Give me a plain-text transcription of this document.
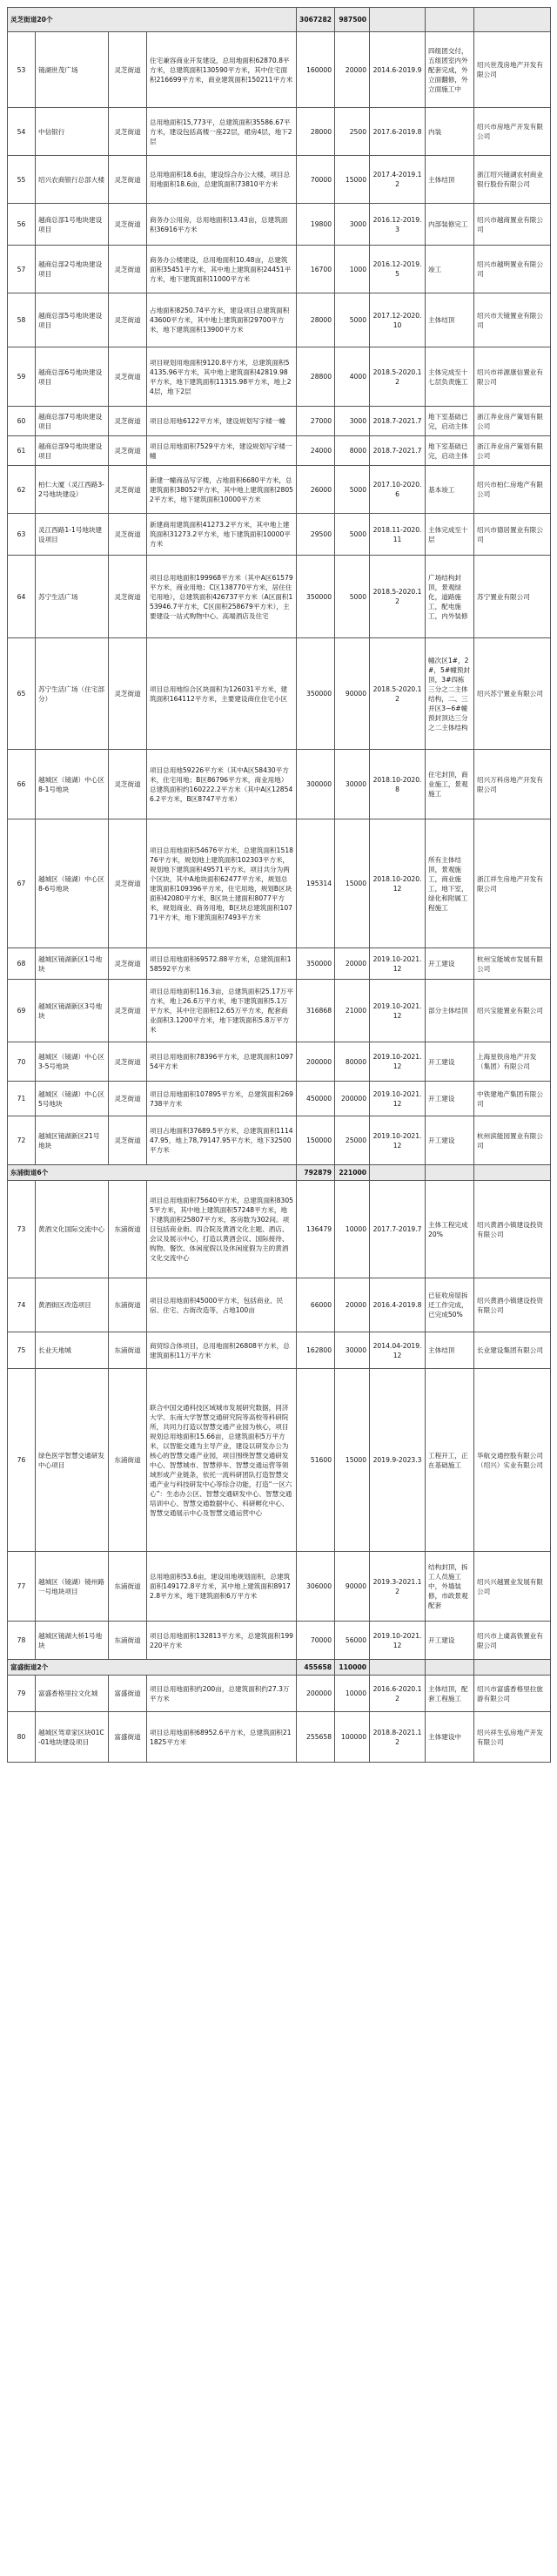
灵芝街道20个				3067282	987500			
53	镜湖世茂广场	灵芝街道	住宅兼容商业开发建设，总用地面积62870.8平方米，总建筑面积130590平方米，其中住宅面积216699平方米，商业建筑面积150211平方米	160000	20000	2014.6-2019.9	四组团交付，五组团室内外配套完成，外立面翻修，外立面施工中	绍兴世茂房地产开发有限公司
54	中信银行	灵芝街道	总用地面积15,773平，总建筑面积35586.67平方米，建设包括高楼一座22层，裙房4层，地下2层	28000	2500	2017.6-2019.8	内装	绍兴市房地产开发有限公司
55	绍兴农商银行总部大楼	灵芝街道	总用地面积18.6亩，建设综合办公大楼，项目总用地面积18.6亩，总建筑面积73810平方米	70000	15000	2017.4-2019.12	主体结顶	浙江绍兴镜湖农村商业银行股份有限公司
56	越商总部1号地块建设项目	灵芝街道	商务办公用房，总用地面积13.43亩，总建筑面积36916平方米	19800	3000	2016.12-2019.3	内部装修完工	绍兴市越商置业有限公司
57	越商总部2号地块建设项目	灵芝街道	商务办公楼建设，总用地面积10.48亩，总建筑面积35451平方米，其中地上建筑面积24451平方米，地下建筑面积11000平方米	16700	1000	2016.12-2019.5	竣工	绍兴市越明置业有限公司
58	越商总部5号地块建设项目	灵芝街道	占地面积8250.74平方米，建设项目总建筑面积43600平方米，其中地上建筑面积29700平方米，地下建筑面积13900平方米	28000	5000	2017.12-2020.10	主体结顶	绍兴市天镜置业有限公司
59	越商总部6号地块建设项目	灵芝街道	项目规划用地面积9120.8平方米，总建筑面积54135.96平方米，其中地上建筑面积42819.98平方米，地下建筑面积11315.98平方米，地上24层，地下2层	28800	4000	2018.5-2020.12	主体完成至十七层负责施工	绍兴市祥源康信置业有限公司
60	越商总部7号地块建设项目	灵芝街道	项目总用地6122平方米，建设规划写字楼一幢	27000	3000	2018.7-2021.7	地下室基础已完，启动主体	浙江奔业房产策划有限公司
61	越商总部9号地块建设项目	灵芝街道	项目总用地面积7529平方米，建设规划写字楼一幢	24000	8000	2018.7-2021.7	地下室基础已完，启动主体	浙江奔业房产策划有限公司
62	柏仁大厦（灵江西路3-2号地块建设）	灵芝街道	新建一幢商品写字楼，占地面积6680平方米，总建筑面积38052平方米，其中地上建筑面积28052平方米，地下建筑面积10000平方米	26000	5000	2017.10-2020.6	基本竣工	绍兴市柏仁房地产有限公司
63	灵江西路1-1号地块建设项目	灵芝街道	新建商用建筑面积41273.2平方米，其中地上建筑面积31273.2平方米，地下建筑面积10000平方米	29500	5000	2018.11-2020.11	主体完成至十层	绍兴市德居置业有限公司
64	苏宁生活广场	灵芝街道	项目总用地面积199968平方米（其中A区61579平方米，商业用地；C区138770平方米，居住住宅用地），总建筑面积426737平方米（A区面积153946.7平方米，C区面积258679平方米），主要建设一站式购物中心、高端酒店及住宅	350000	5000	2018.5-2020.12	广场结构封顶，景观绿化，道路施工，配电施工，内外装修	苏宁置业有限公司
65	苏宁生活广场（住宅部分）	灵芝街道	项目总用地综合区块面积为126031平方米，建筑面积164112平方米，主要建设商住住宅小区	350000	90000	2018.5-2020.12	幢次区1#，2#，5#幢预封顶，3#四栋三分之二主体结构，二、三并区3~6#幢预封顶达三分之二主体结构	绍兴苏宁置业有限公司
66	越城区（镜湖）中心区8-1号地块	灵芝街道	项目总用地59226平方米（其中A区58430平方米，住宅用地；B区86796平方米，商业用地）总建筑面积约160222.2平方米（其中A区128546.2平方米，B区8747平方米）	300000	30000	2018.10-2020.8	住宅封顶，商业施工，景观施工	绍兴万科房地产开发有限公司
67	越城区（镜湖）中心区8-6号地块	灵芝街道	项目总用地面积54676平方米，总建筑面积151876平方米，规划地上建筑面积102303平方米，规划地下建筑面积49571平方米。项目共分为两个区块，其中A地块面积62477平方米，规划总建筑面积109396平方米，住宅用地，规划B区块面积42080平方米，B区块土建面积8077平方米，规划商业、商务用地，B区块总建筑面积10771平方米，地下建筑面积7493平方米	195314	15000	2018.10-2020.12	所有主体结顶，景观施工，商业施工，地下室，绿化和附属工程施工	浙江祥生房地产开发有限公司
68	越城区镜湖新区1号地块	灵芝街道	项目总用地面积69572.88平方米，总建筑面积158592平方米	350000	20000	2019.10-2021.12	开工建设	杭州宝能城市发展有限公司
69	越城区镜湖新区3号地块	灵芝街道	项目总用地面积116.3亩，总建筑面积25.17万平方米，地上26.6万平方米，地下建筑面积5.1万平方米，其中住宅面积12.65万平方米，配套商业面积3.1200平方米，地下建筑面积5.8万平方米	316868	21000	2019.10-2021.12	部分主体结顶	绍兴宝能置业有限公司
70	越城区（镜湖）中心区3-5号地块	灵芝街道	项目总用地面积78396平方米，总建筑面积109754平方米	200000	80000	2019.10-2021.12	开工建设	上海星铁房地产开发（集团）有限公司
71	越城区（镜湖）中心区5号地块	灵芝街道	项目总用地面积107895平方米，总建筑面积269738平方米	450000	200000	2019.10-2021.12	开工建设	中铁建地产集团有限公司
72	越城区镜湖新区21号地块	灵芝街道	项目占地面积37689.5平方米，总建筑面积111447.95，地上78,79147.95平方米，地下32500平方米	150000	25000	2019.10-2021.12	开工建设	杭州滨能园置业有限公司
东浦街道6个				792879	221000			
73	黄酒文化国际交流中心	东浦街道	项目总用地面积75640平方米，总建筑面积83055平方米，其中地上建筑面积57248平方米，地下建筑面积25807平方米，客房数为302间。项目包括商业街、四合院及黄酒文化主题、酒店、会议及展示中心，打造以黄酒会议、国际接待、购物、餐饮、体闲度假以及休闲度假为主的黄酒文化交流中心	136479	10000	2017.7-2019.7	主体工程完成20%	绍兴黄酒小镇建设投资有限公司
74	黄酒街区改造项目	东浦街道	项目总用地面积45000平方米，包括商业、民宿、住宅、古街改造等，占地100亩	66000	20000	2016.4-2019.8	已征收房屋拆迁工作完成，已完成50%	绍兴黄酒小镇建设投资有限公司
75	长业天地城	东浦街道	商贸综合体项目，总用地面积26808平方米，总建筑面积11万平方米	162800	30000	2014.04-2019.12	主体结顶	长业建设集团有限公司
76	绿色医学智慧交通研发中心项目	东浦街道	联合中国交通科技区域城市发展研究数据，同济大学、东南大学智慧交通研究院等高校等科研院所，共同力打造以智慧交通产业园为核心，项目规划总用地面积15.66亩，总建筑面积5万平方米，以智能交通为主导产业，建设以研发办公为核心的智慧交通产业园，项目围绕智慧交通研发中心、智慧城市、智慧停车、智慧交通运营等领域形成产业链条，依托一流科研团队打造智慧交通产业与科技研发中心等综合功能，打造“一区六心”：生态办公区、智慧交通研发中心、智慧交通培训中心、智慧交通数据中心、科研孵化中心、智慧交通展示中心及智慧交通运营中心	51600	15000	2019.9-2023.3	工程开工，正在基础施工	华航交通控股有限公司（绍兴）实业有限公司
77	越城区（镜湖）镜州路一号地块项目	东浦街道	总用地面积53.6亩，建设用地规划面积，总建筑面积149172.8平方米，其中地上建筑面积89172.8平方米，地下建筑面积6万平方米	306000	90000	2019.3-2021.12	结构封顶，拆工人员施工中，外墙装修，市政景观配套	绍兴兴越置业发展有限公司
78	越城区镜湖大桥1号地块	东浦街道	项目总用地面积132813平方米，总建筑面积199220平方米	70000	56000	2019.10-2021.12	开工建设	绍兴市上虞高铁置业有限公司
富盛街道2个				455658	110000			
79	富盛香格里拉文化城	富盛街道	项目总用地面积约200亩，总建筑面积约27.3万平方米	200000	10000	2016.6-2020.12	主体结顶，配套工程施工	绍兴市富盛香格里拉旅游有限公司
80	越城区驾章家区块01C-01地块建设项目	富盛街道	项目总用地面积68952.6平方米，总建筑面积211825平方米	255658	100000	2018.8-2021.12	主体建设中	绍兴祥生弘房地产开发有限公司
